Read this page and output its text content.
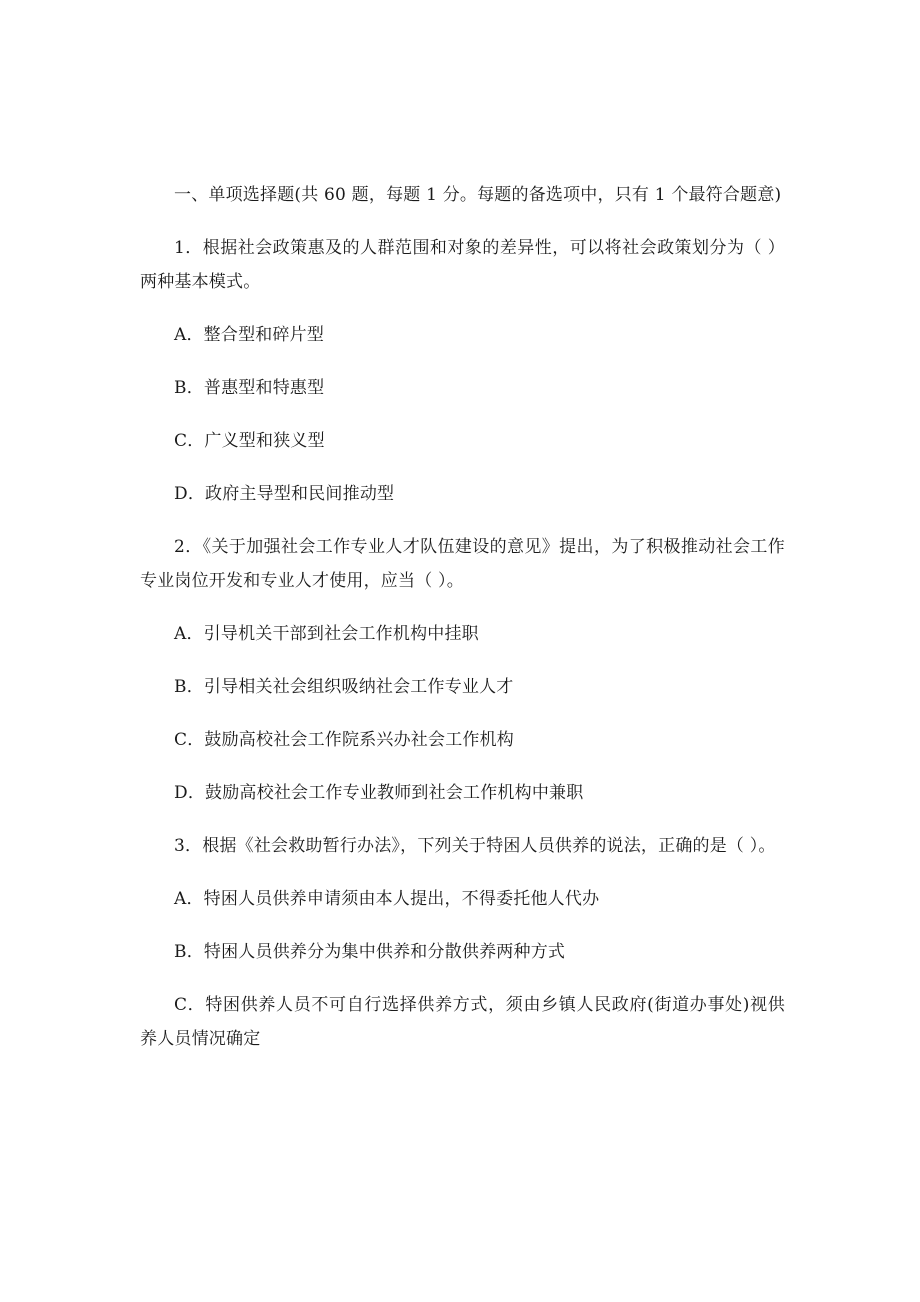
一、单项选择题(共 60 题，每题 1 分。每题的备选项中，只有 1 个最符合题意)

1．根据社会政策惠及的人群范围和对象的差异性，可以将社会政策划分为（ ）两种基本模式。

A．整合型和碎片型

B．普惠型和特惠型

C．广义型和狭义型

D．政府主导型和民间推动型

2．《关于加强社会工作专业人才队伍建设的意见》提出，为了积极推动社会工作专业岗位开发和专业人才使用，应当（ ）。

A．引导机关干部到社会工作机构中挂职

B．引导相关社会组织吸纳社会工作专业人才

C．鼓励高校社会工作院系兴办社会工作机构

D．鼓励高校社会工作专业教师到社会工作机构中兼职

3．根据《社会救助暂行办法》，下列关于特困人员供养的说法，正确的是（ ）。

A．特困人员供养申请须由本人提出，不得委托他人代办

B．特困人员供养分为集中供养和分散供养两种方式

C．特困供养人员不可自行选择供养方式，须由乡镇人民政府(街道办事处)视供养人员情况确定
